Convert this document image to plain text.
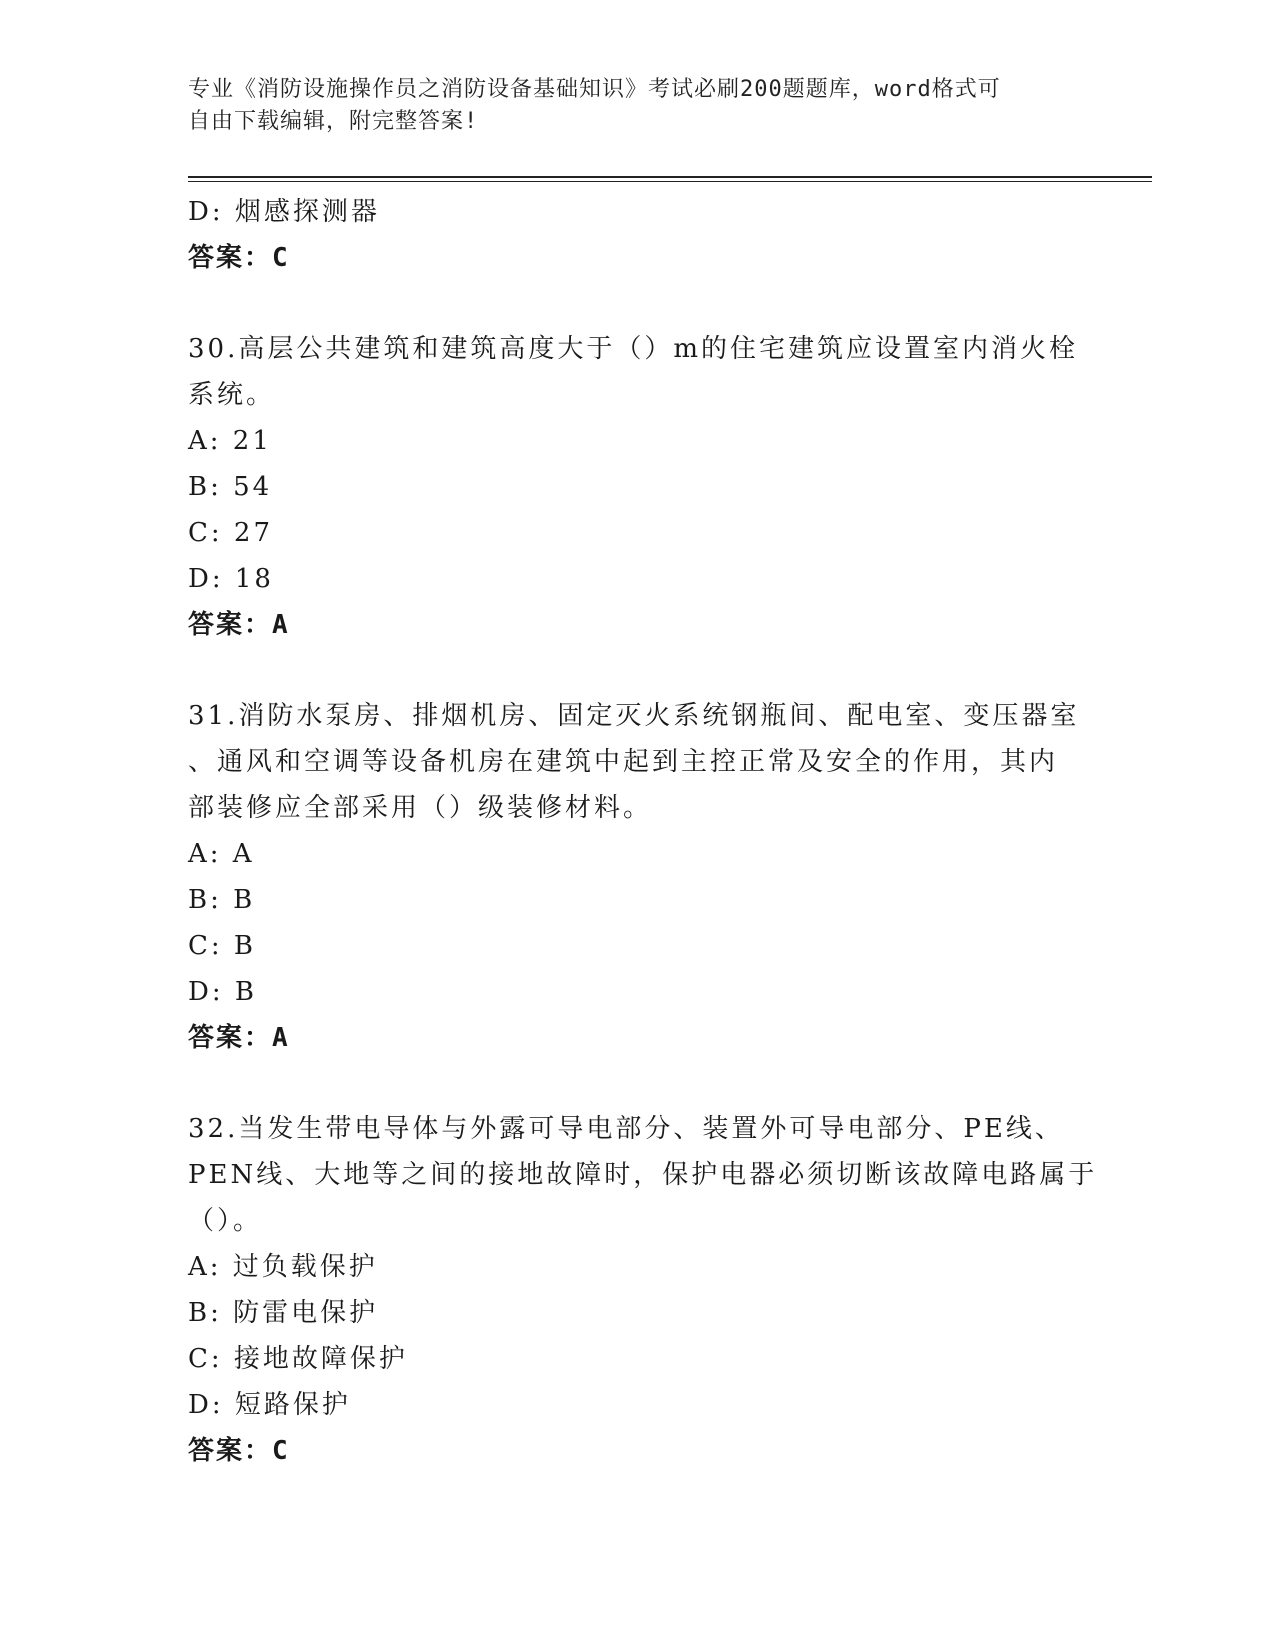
专业《消防设施操作员之消防设备基础知识》考试必刷200题题库，word格式可
自由下载编辑，附完整答案!
D: 烟感探测器
答案：C
30.高层公共建筑和建筑高度大于（）m的住宅建筑应设置室内消火栓
系统。
A: 21
B: 54
C: 27
D: 18
答案：A
31.消防水泵房、排烟机房、固定灭火系统钢瓶间、配电室、变压器室
、通风和空调等设备机房在建筑中起到主控正常及安全的作用，其内
部装修应全部采用（）级装修材料。
A: A
B: B
C: B
D: B
答案：A
32.当发生带电导体与外露可导电部分、装置外可导电部分、PE线、
PEN线、大地等之间的接地故障时，保护电器必须切断该故障电路属于
（）。
A: 过负载保护
B: 防雷电保护
C: 接地故障保护
D: 短路保护
答案：C
